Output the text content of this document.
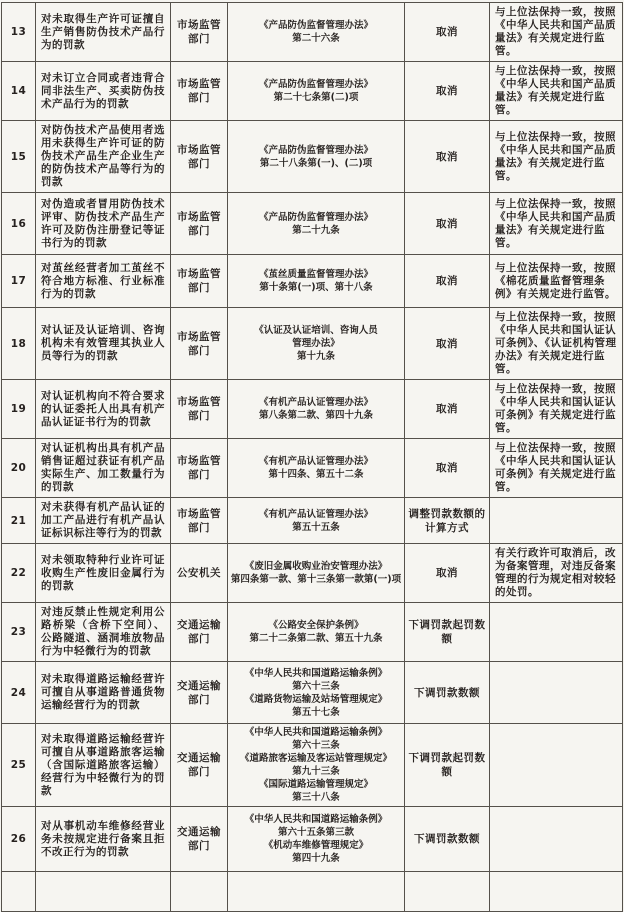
13	对未取得生产许可证擅自生产销售防伪技术产品行为的罚款	市场监管部门	《产品防伪监督管理办法》
第二十六条	取消	与上位法保持一致，按照《中华人民共和国产品质量法》有关规定进行监管。
14	对未订立合同或者违背合同非法生产、买卖防伪技术产品行为的罚款	市场监管部门	《产品防伪监督管理办法》
第二十七条第(二)项	取消	与上位法保持一致，按照《中华人民共和国产品质量法》有关规定进行监管。
15	对防伪技术产品使用者选用未获得生产许可证的防伪技术产品生产企业生产的防伪技术产品等行为的罚款	市场监管部门	《产品防伪监督管理办法》
第二十八条第(一)、(二)项	取消	与上位法保持一致，按照《中华人民共和国产品质量法》有关规定进行监管。
16	对伪造或者冒用防伪技术评审、防伪技术产品生产许可及防伪注册登记等证书行为的罚款	市场监管部门	《产品防伪监督管理办法》
第二十九条	取消	与上位法保持一致，按照《中华人民共和国产品质量法》有关规定进行监管。
17	对茧丝经营者加工茧丝不符合地方标准、行业标准行为的罚款	市场监管部门	《茧丝质量监督管理办法》
第十条第(一)项、第十八条	取消	与上位法保持一致，按照《棉花质量监督管理条例》有关规定进行监管。
18	对认证及认证培训、咨询机构未有效管理其执业人员等行为的罚款	市场监管部门	《认证及认证培训、咨询人员
管理办法》
第十九条	取消	与上位法保持一致，按照《中华人民共和国认证认可条例》、《认证机构管理办法》有关规定进行监管。
19	对认证机构向不符合要求的认证委托人出具有机产品认证证书行为的罚款	市场监管部门	《有机产品认证管理办法》
第八条第二款、第四十九条	取消	与上位法保持一致，按照《中华人民共和国认证认可条例》有关规定进行监管。
20	对认证机构出具有机产品销售证超过获证有机产品实际生产、加工数量行为的罚款	市场监管部门	《有机产品认证管理办法》
第十四条、第五十二条	取消	与上位法保持一致，按照《中华人民共和国认证认可条例》有关规定进行监管。
21	对未获得有机产品认证的加工产品进行有机产品认证标识标注等行为的罚款	市场监管部门	《有机产品认证管理办法》
第五十五条	调整罚款数额的计算方式	
22	对未领取特种行业许可证收购生产性废旧金属行为的罚款	公安机关	《废旧金属收购业治安管理办法》
第四条第一款、第十三条第一款第(一)项	取消	有关行政许可取消后，改为备案管理，对违反备案管理的行为规定相对较轻的处罚。
23	对违反禁止性规定利用公路桥梁（含桥下空间）、公路隧道、涵洞堆放物品行为中轻微行为的罚款	交通运输部门	《公路安全保护条例》
第二十二条第二款、第五十九条	下调罚款起罚数额	
24	对未取得道路运输经营许可擅自从事道路普通货物运输经营行为的罚款	交通运输部门	《中华人民共和国道路运输条例》
第六十三条
《道路货物运输及站场管理规定》
第五十七条	下调罚款数额	
25	对未取得道路运输经营许可擅自从事道路旅客运输（含国际道路旅客运输）经营行为中轻微行为的罚款	交通运输部门	
《中华人民共和国道路运输条例》
第六十三条
《道路旅客运输及客运站管理规定》
第九十三条
《国际道路运输管理规定》
第三十八条
	下调罚款起罚数额	
26	对从事机动车维修经营业务未按规定进行备案且拒不改正行为的罚款	交通运输部门	《中华人民共和国道路运输条例》
第六十五条第三款
《机动车维修管理规定》
第四十九条	下调罚款数额	
